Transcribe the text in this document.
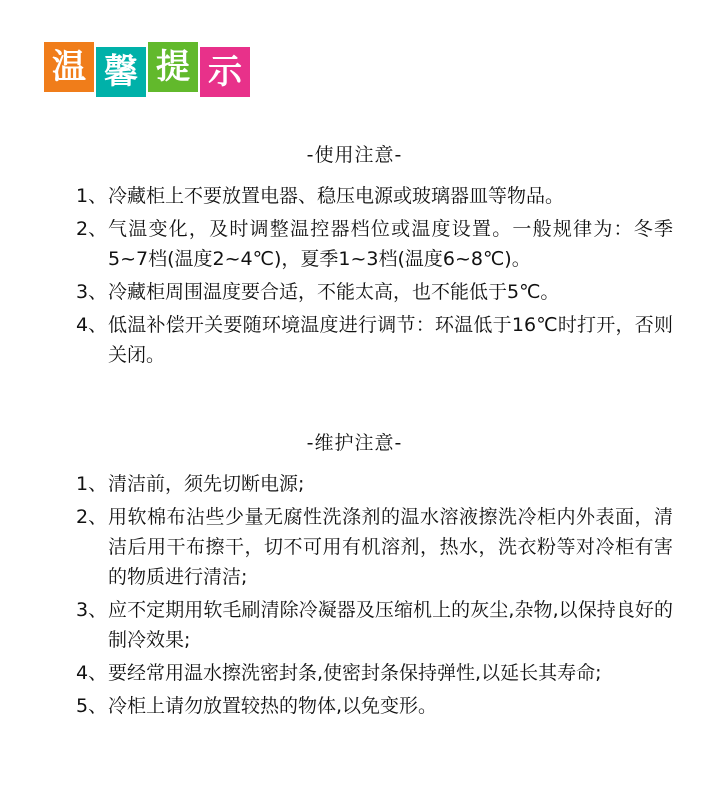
温 馨 提 示
-使用注意-
1、 冷藏柜上不要放置电器、稳压电源或玻璃器皿等物品。
2、 气温变化，及时调整温控器档位或温度设置。一般规律为：冬季5~7档(温度2~4℃)，夏季1~3档(温度6~8℃)。
3、 冷藏柜周围温度要合适，不能太高，也不能低于5℃。
4、 低温补偿开关要随环境温度进行调节：环温低于16℃时打开，否则关闭。
-维护注意-
1、 清洁前，须先切断电源;
2、 用软棉布沾些少量无腐性洗涤剂的温水溶液擦洗冷柜内外表面，清洁后用干布擦干，切不可用有机溶剂，热水，洗衣粉等对冷柜有害的物质进行清洁;
3、 应不定期用软毛刷清除冷凝器及压缩机上的灰尘,杂物,以保持良好的制冷效果;
4、 要经常用温水擦洗密封条,使密封条保持弹性,以延长其寿命;
5、 冷柜上请勿放置较热的物体,以免变形。
